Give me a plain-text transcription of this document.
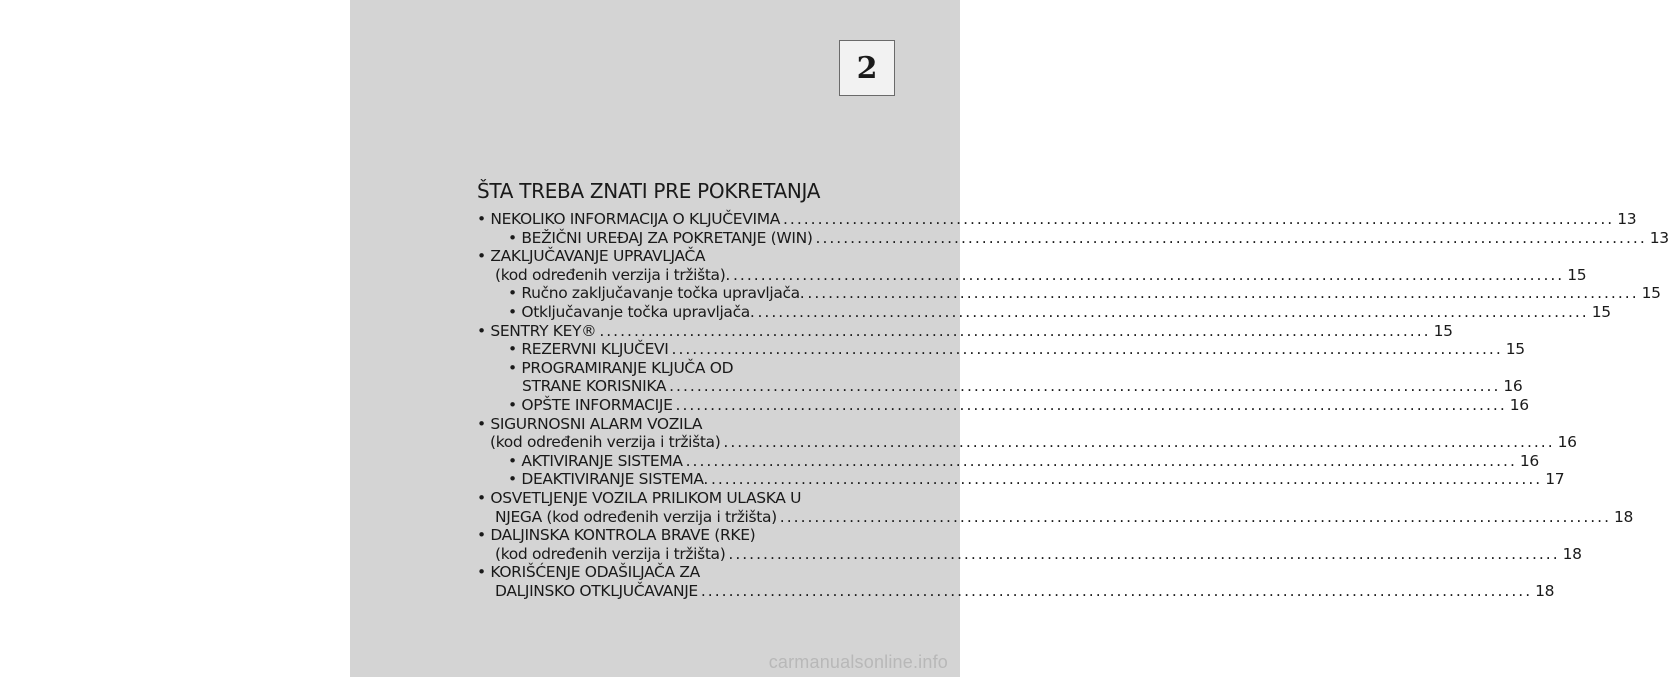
2
ŠTA TREBA ZNATI PRE POKRETANJA
• NEKOLIKO INFORMACIJA O KLJUČEVIMA ........................................................................................................................ 13
• BEŽIČNI UREĐAJ ZA POKRETANJE (WIN) ........................................................................................................................ 13
• ZAKLJUČAVANJE UPRAVLJAČA
(kod određenih verzija i tržišta). ........................................................................................................................ 15
• Ručno zaključavanje točka upravljača. ........................................................................................................................ 15
• Otključavanje točka upravljača. ........................................................................................................................ 15
• SENTRY KEY® ........................................................................................................................ 15
• REZERVNI KLJUČEVI ........................................................................................................................ 15
• PROGRAMIRANJE KLJUČA OD
STRANE KORISNIKA ........................................................................................................................ 16
• OPŠTE INFORMACIJE ........................................................................................................................ 16
• SIGURNOSNI ALARM VOZILA
(kod određenih verzija i tržišta) ........................................................................................................................ 16
• AKTIVIRANJE SISTEMA ........................................................................................................................ 16
• DEAKTIVIRANJE SISTEMA. ........................................................................................................................ 17
• OSVETLJENJE VOZILA PRILIKOM ULASKA U
NJEGA (kod određenih verzija i tržišta) ........................................................................................................................ 18
• DALJINSKA KONTROLA BRAVE (RKE)
(kod određenih verzija i tržišta) ........................................................................................................................ 18
• KORIŠĆENJE ODAŠILJAČA ZA
DALJINSKO OTKLJUČAVANJE ........................................................................................................................ 18
carmanualsonline.info
